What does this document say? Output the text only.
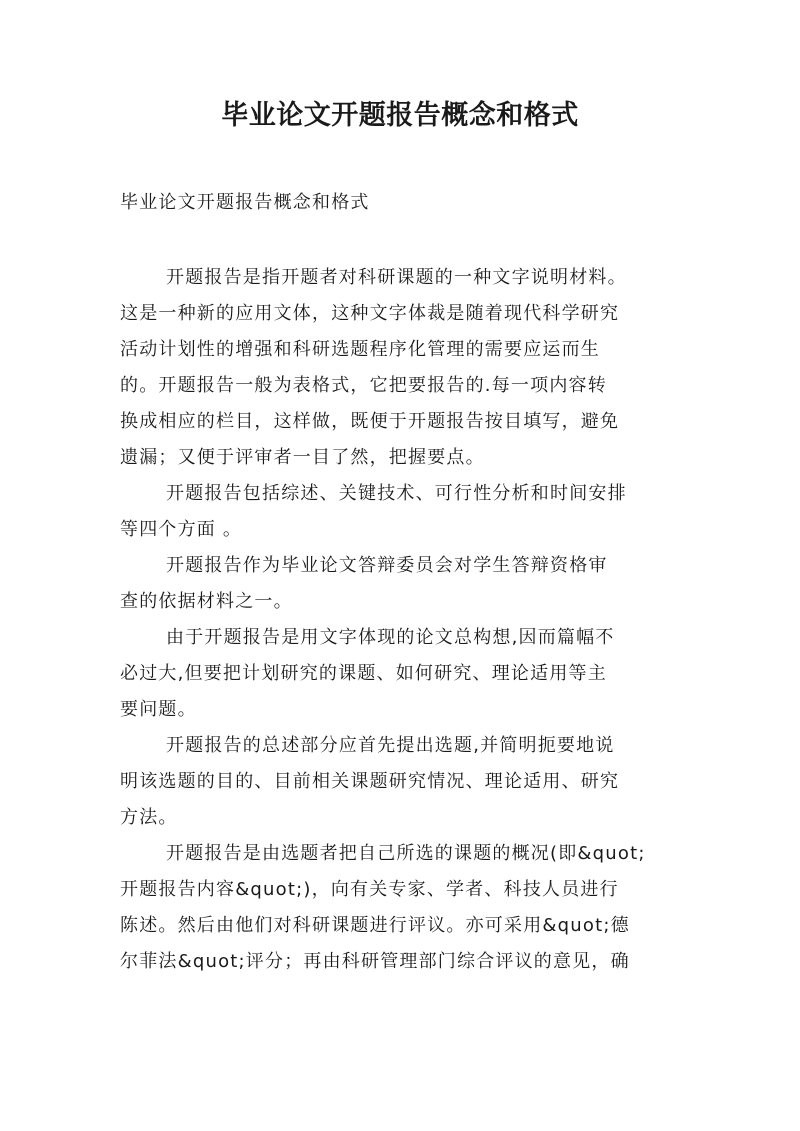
毕业论文开题报告概念和格式

毕业论文开题报告概念和格式

开题报告是指开题者对科研课题的一种文字说明材料。
这是一种新的应用文体，这种文字体裁是随着现代科学研究
活动计划性的增强和科研选题程序化管理的需要应运而生
的。开题报告一般为表格式，它把要报告的.每一项内容转
换成相应的栏目，这样做，既便于开题报告按目填写，避免
遗漏；又便于评审者一目了然，把握要点。
开题报告包括综述、关键技术、可行性分析和时间安排
等四个方面 。
开题报告作为毕业论文答辩委员会对学生答辩资格审
查的依据材料之一。
由于开题报告是用文字体现的论文总构想,因而篇幅不
必过大,但要把计划研究的课题、如何研究、理论适用等主
要问题。
开题报告的总述部分应首先提出选题,并简明扼要地说
明该选题的目的、目前相关课题研究情况、理论适用、研究
方法。
开题报告是由选题者把自己所选的课题的概况(即&quot;
开题报告内容&quot;)，向有关专家、学者、科技人员进行
陈述。然后由他们对科研课题进行评议。亦可采用&quot;德
尔菲法&quot;评分；再由科研管理部门综合评议的意见，确
